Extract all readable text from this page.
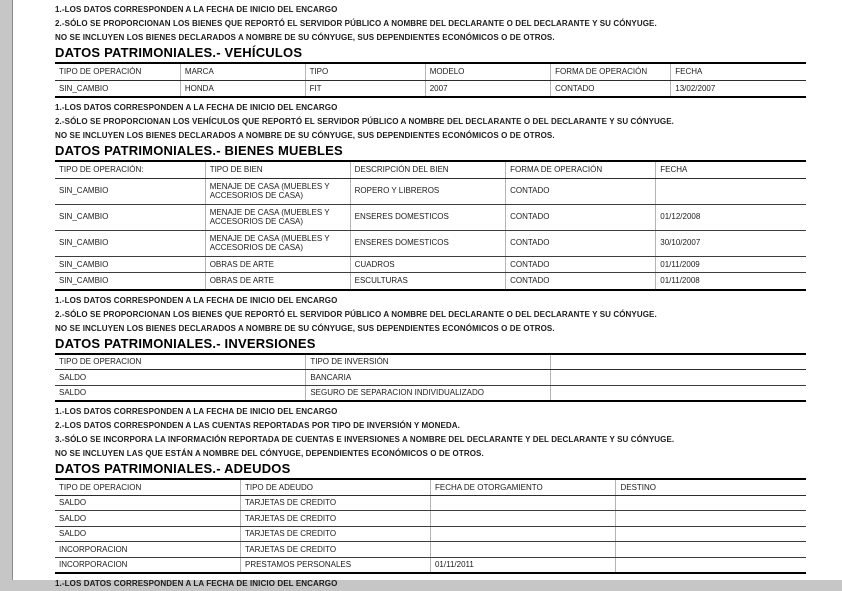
1.-LOS DATOS CORRESPONDEN A LA FECHA DE INICIO DEL ENCARGO

2.-SÓLO SE PROPORCIONAN LOS BIENES QUE REPORTÓ EL SERVIDOR PÚBLICO A NOMBRE DEL DECLARANTE O DEL DECLARANTE Y SU CÓNYUGE.

NO SE INCLUYEN LOS BIENES DECLARADOS A NOMBRE DE SU CÓNYUGE, SUS DEPENDIENTES ECONÓMICOS O DE OTROS.

DATOS PATRIMONIALES.- VEHÍCULOS
TIPO DE OPERACIÓN	MARCA	TIPO	MODELO	FORMA DE OPERACIÓN	FECHA
SIN_CAMBIO	HONDA	FIT	2007	CONTADO	13/02/2007

1.-LOS DATOS CORRESPONDEN A LA FECHA DE INICIO DEL ENCARGO

2.-SÓLO SE PROPORCIONAN LOS VEHÍCULOS QUE REPORTÓ EL SERVIDOR PÚBLICO A NOMBRE DEL DECLARANTE O DEL DECLARANTE Y SU CÓNYUGE.

NO SE INCLUYEN LOS BIENES DECLARADOS A NOMBRE DE SU CÓNYUGE, SUS DEPENDIENTES ECONÓMICOS O DE OTROS.

DATOS PATRIMONIALES.- BIENES MUEBLES
TIPO DE OPERACIÓN:	TIPO DE BIEN	DESCRIPCIÓN DEL BIEN	FORMA DE OPERACIÓN	FECHA
SIN_CAMBIO	MENAJE DE CASA (MUEBLES Y ACCESORIOS DE CASA)	ROPERO Y LIBREROS	CONTADO	
SIN_CAMBIO	MENAJE DE CASA (MUEBLES Y ACCESORIOS DE CASA)	ENSERES DOMESTICOS	CONTADO	01/12/2008
SIN_CAMBIO	MENAJE DE CASA (MUEBLES Y ACCESORIOS DE CASA)	ENSERES DOMESTICOS	CONTADO	30/10/2007
SIN_CAMBIO	OBRAS DE ARTE	CUADROS	CONTADO	01/11/2009
SIN_CAMBIO	OBRAS DE ARTE	ESCULTURAS	CONTADO	01/11/2008

1.-LOS DATOS CORRESPONDEN A LA FECHA DE INICIO DEL ENCARGO

2.-SÓLO SE PROPORCIONAN LOS BIENES QUE REPORTÓ EL SERVIDOR PÚBLICO A NOMBRE DEL DECLARANTE O DEL DECLARANTE Y SU CÓNYUGE.

NO SE INCLUYEN LOS BIENES DECLARADOS A NOMBRE DE SU CÓNYUGE, SUS DEPENDIENTES ECONÓMICOS O DE OTROS.

DATOS PATRIMONIALES.- INVERSIONES
TIPO DE OPERACION	TIPO DE INVERSIÓN	
SALDO	BANCARIA	
SALDO	SEGURO DE SEPARACION INDIVIDUALIZADO	

1.-LOS DATOS CORRESPONDEN A LA FECHA DE INICIO DEL ENCARGO

2.-LOS DATOS CORRESPONDEN A LAS CUENTAS REPORTADAS POR TIPO DE INVERSIÓN Y MONEDA.

3.-SÓLO SE INCORPORA LA INFORMACIÓN REPORTADA DE CUENTAS E INVERSIONES A NOMBRE DEL DECLARANTE Y DEL DECLARANTE Y SU CÓNYUGE.

NO SE INCLUYEN LAS QUE ESTÁN A NOMBRE DEL CÓNYUGE, DEPENDIENTES ECONÓMICOS O DE OTROS.

DATOS PATRIMONIALES.- ADEUDOS
TIPO DE OPERACION	TIPO DE ADEUDO	FECHA DE OTORGAMIENTO	DESTINO
SALDO	TARJETAS DE CREDITO		
SALDO	TARJETAS DE CREDITO		
SALDO	TARJETAS DE CREDITO		
INCORPORACION	TARJETAS DE CREDITO		
INCORPORACION	PRESTAMOS PERSONALES	01/11/2011	

1.-LOS DATOS CORRESPONDEN A LA FECHA DE INICIO DEL ENCARGO
